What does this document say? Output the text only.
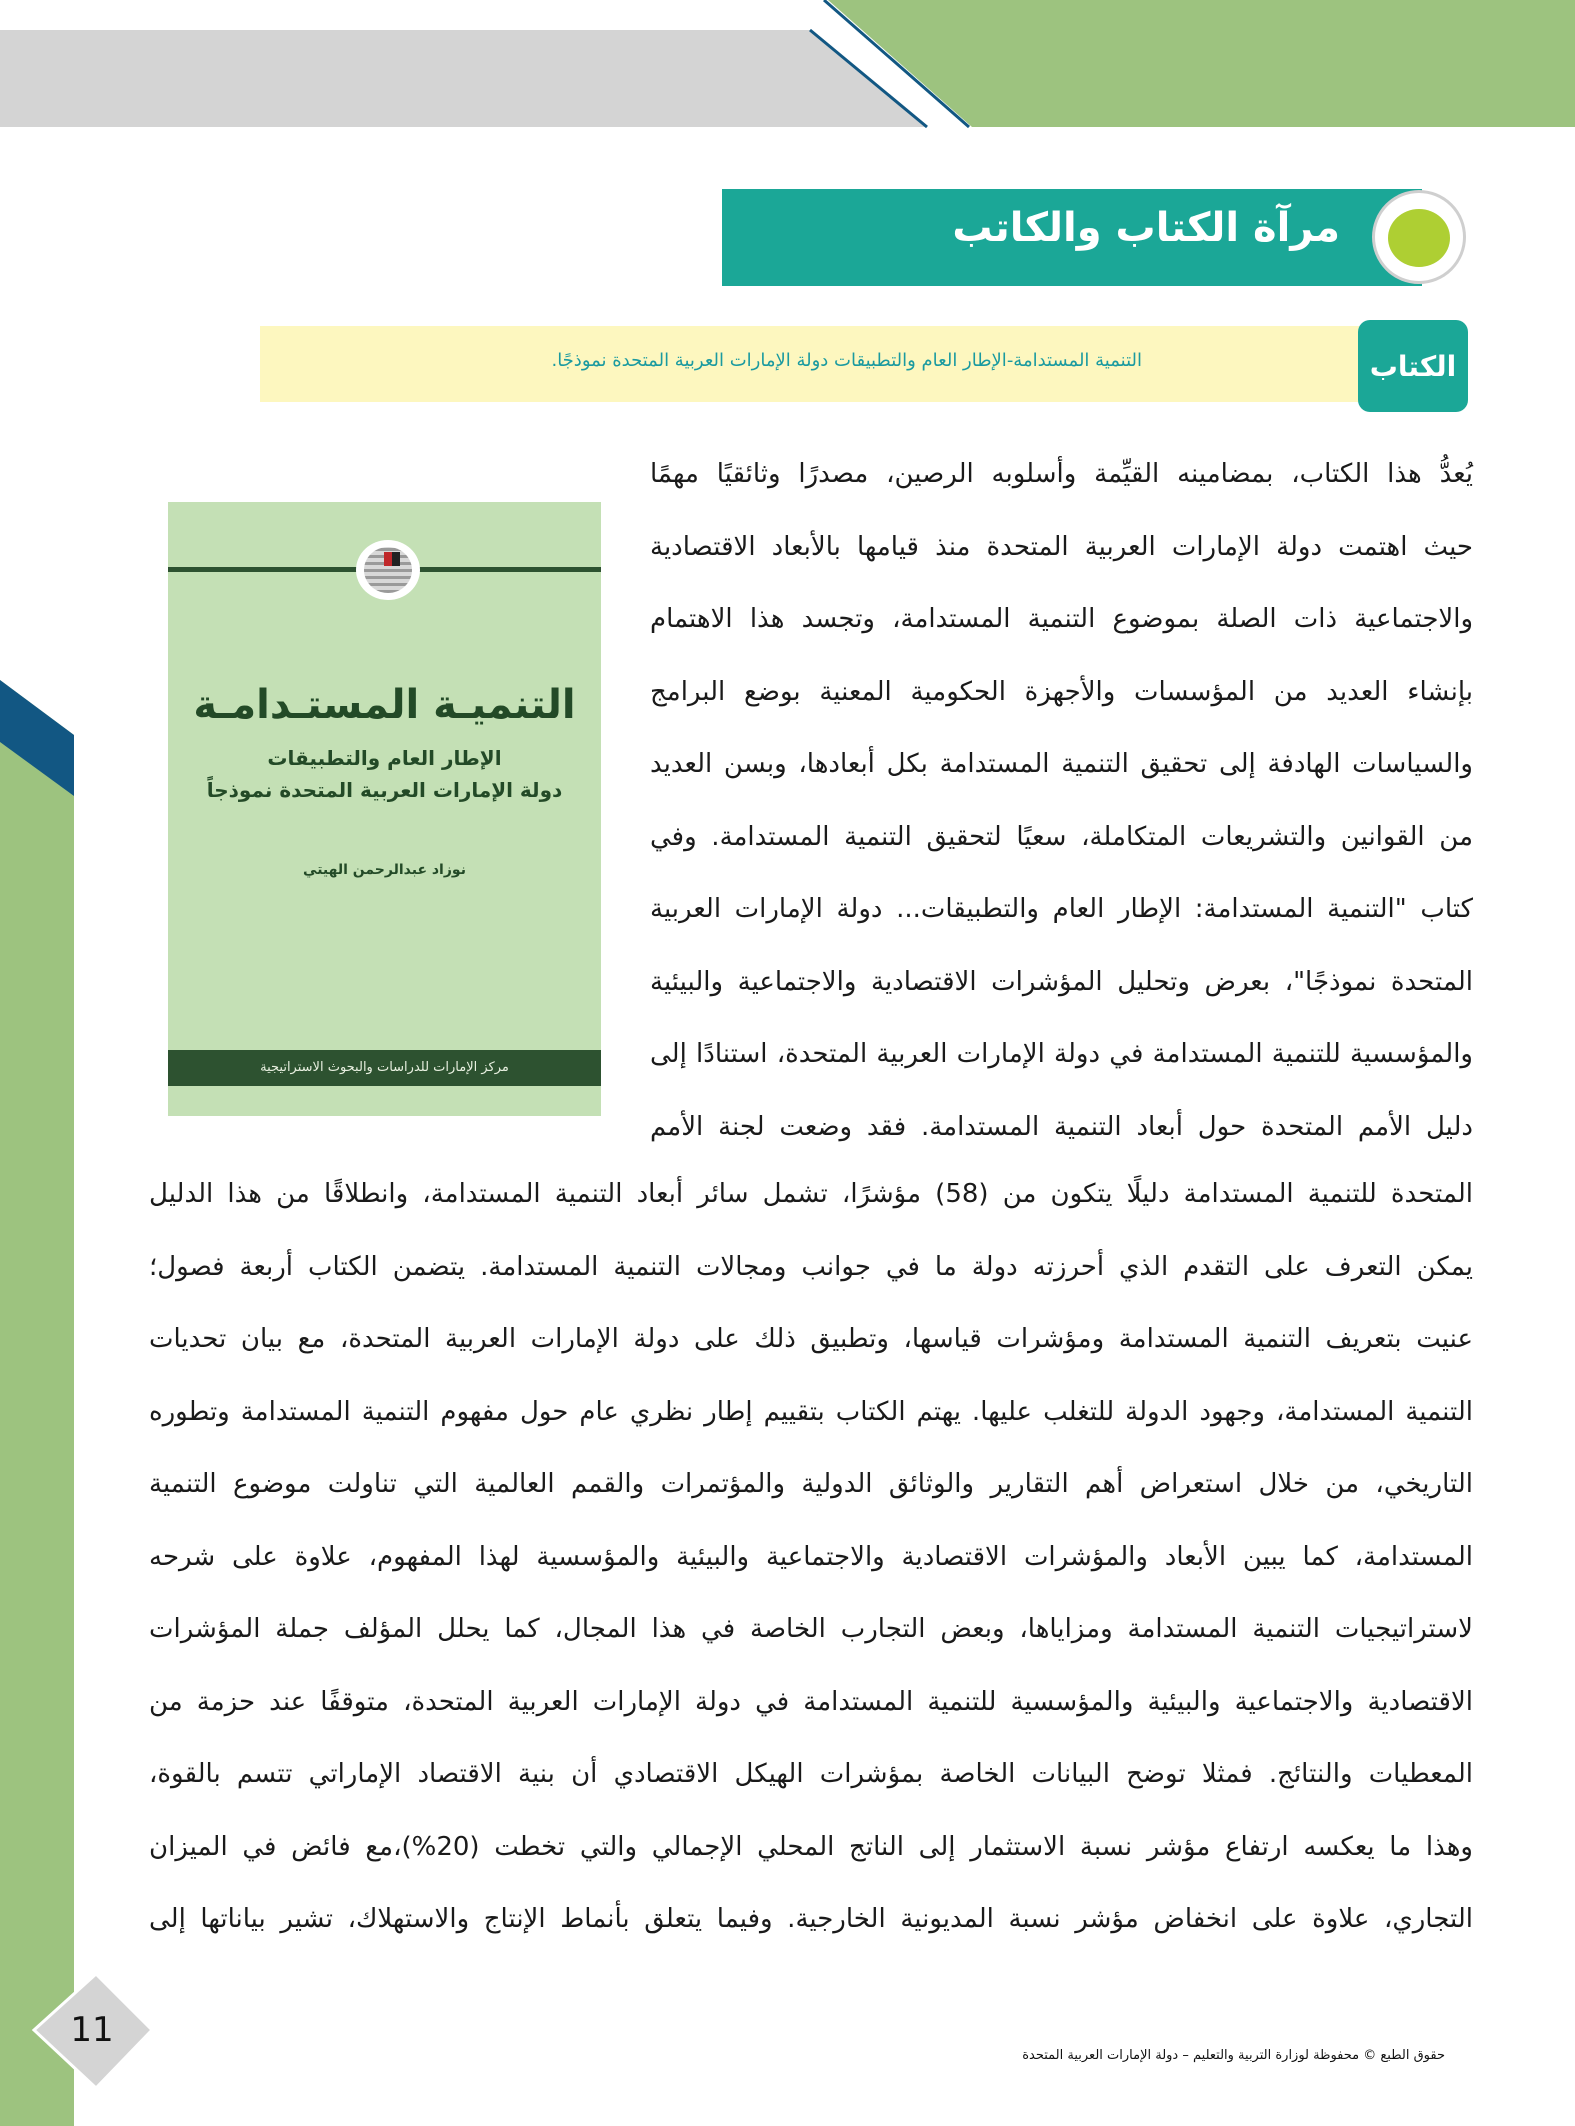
مرآة الكتاب والكاتب
التنمية المستدامة-الإطار العام والتطبيقات دولة الإمارات العربية المتحدة نموذجًا.	الكتاب
التنميـة المستـدامـة
الإطار العام والتطبيقات
دولة الإمارات العربية المتحدة نموذجاً
نوزاد عبدالرحمن الهيتي
مركز الإمارات للدراسات والبحوث الاستراتيجية
يُعدُّ هذا الكتاب، بمضامينه القيِّمة وأسلوبه الرصين، مصدرًا وثائقيًا مهمًا
حيث اهتمت دولة الإمارات العربية المتحدة منذ قيامها بالأبعاد الاقتصادية
والاجتماعية ذات الصلة بموضوع التنمية المستدامة، وتجسد هذا الاهتمام
بإنشاء العديد من المؤسسات والأجهزة الحكومية المعنية بوضع البرامج
والسياسات الهادفة إلى تحقيق التنمية المستدامة بكل أبعادها، وبسن العديد
من القوانين والتشريعات المتكاملة، سعيًا لتحقيق التنمية المستدامة. وفي
كتاب "التنمية المستدامة: الإطار العام والتطبيقات... دولة الإمارات العربية
المتحدة نموذجًا"، بعرض وتحليل المؤشرات الاقتصادية والاجتماعية والبيئية
والمؤسسية للتنمية المستدامة في دولة الإمارات العربية المتحدة، استنادًا إلى
دليل الأمم المتحدة حول أبعاد التنمية المستدامة. فقد وضعت لجنة الأمم
المتحدة للتنمية المستدامة دليلًا يتكون من (58) مؤشرًا، تشمل سائر أبعاد التنمية المستدامة، وانطلاقًا من هذا الدليل
يمكن التعرف على التقدم الذي أحرزته دولة ما في جوانب ومجالات التنمية المستدامة. يتضمن الكتاب أربعة فصول؛
عنيت بتعريف التنمية المستدامة ومؤشرات قياسها، وتطبيق ذلك على دولة الإمارات العربية المتحدة، مع بيان تحديات
التنمية المستدامة، وجهود الدولة للتغلب عليها. يهتم الكتاب بتقييم إطار نظري عام حول مفهوم التنمية المستدامة وتطوره
التاريخي، من خلال استعراض أهم التقارير والوثائق الدولية والمؤتمرات والقمم العالمية التي تناولت موضوع التنمية
المستدامة، كما يبين الأبعاد والمؤشرات الاقتصادية والاجتماعية والبيئية والمؤسسية لهذا المفهوم، علاوة على شرحه
لاستراتيجيات التنمية المستدامة ومزاياها، وبعض التجارب الخاصة في هذا المجال، كما يحلل المؤلف جملة المؤشرات
الاقتصادية والاجتماعية والبيئية والمؤسسية للتنمية المستدامة في دولة الإمارات العربية المتحدة، متوقفًا عند حزمة من
المعطيات والنتائج. فمثلا توضح البيانات الخاصة بمؤشرات الهيكل الاقتصادي أن بنية الاقتصاد الإماراتي تتسم بالقوة،
وهذا ما يعكسه ارتفاع مؤشر نسبة الاستثمار إلى الناتج المحلي الإجمالي والتي تخطت (20%)،مع فائض في الميزان
التجاري، علاوة على انخفاض مؤشر نسبة المديونية الخارجية. وفيما يتعلق بأنماط الإنتاج والاستهلاك، تشير بياناتها إلى
11
حقوق الطبع © محفوظة لوزارة التربية والتعليم – دولة الإمارات العربية المتحدة
